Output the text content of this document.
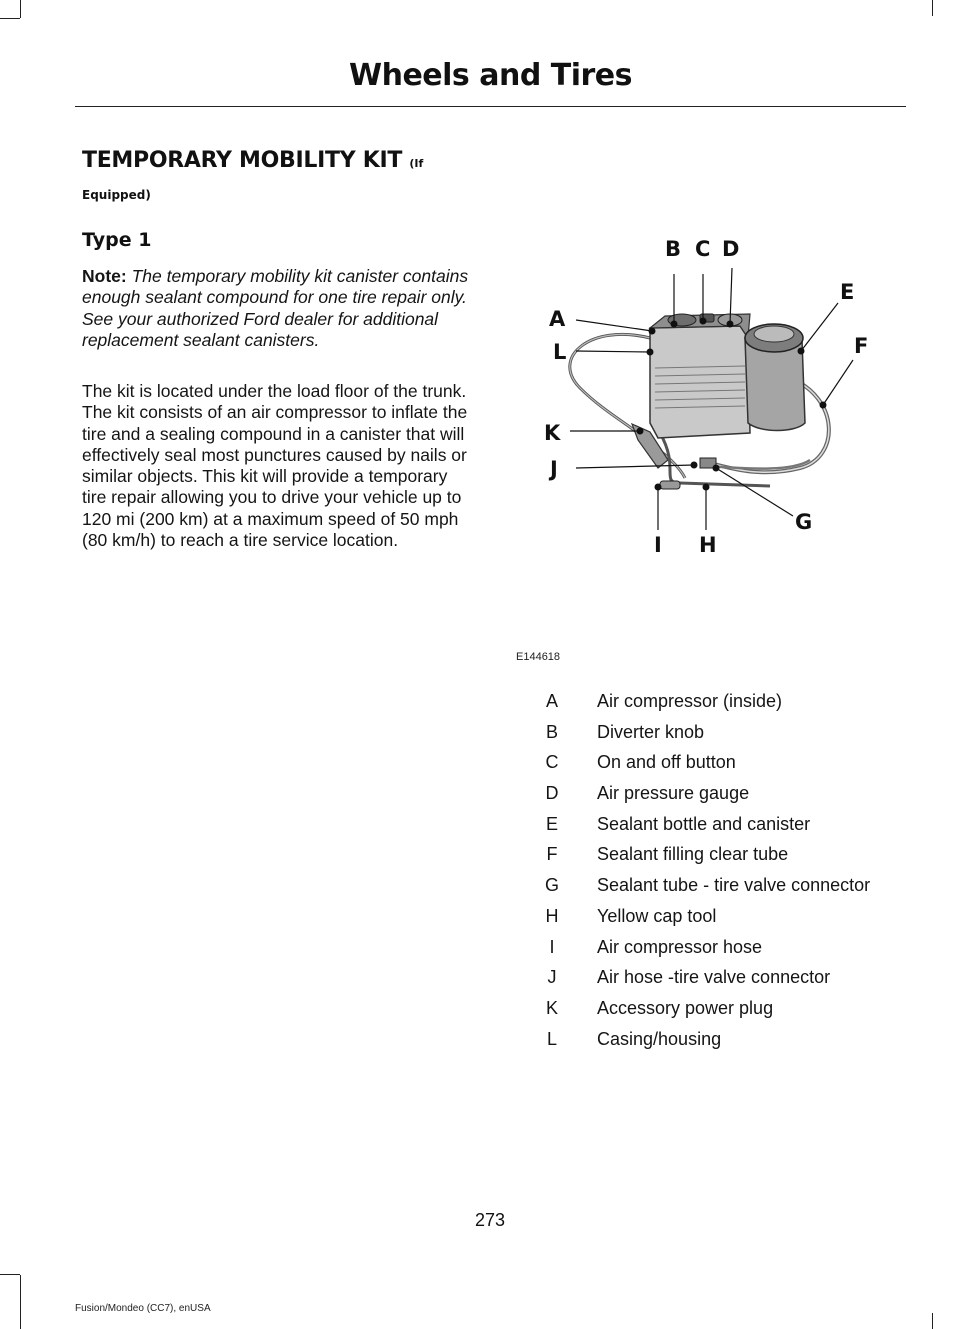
Wheels and Tires
TEMPORARY MOBILITY KIT (If
Equipped)
Type 1
Note: The temporary mobility kit canister contains enough sealant compound for one tire repair only. See your authorized Ford dealer for additional replacement sealant canisters.
The kit is located under the load floor of the trunk. The kit consists of an air compressor to inflate the tire and a sealing compound in a canister that will effectively seal most punctures caused by nails or similar objects. This kit will provide a temporary tire repair allowing you to drive your vehicle up to 120 mi (200 km) at a maximum speed of 50 mph (80 km/h) to reach a tire service location.
B C D
E
A
F
L
K
J
G
H
I
E144618
A	Air compressor (inside)
B	Diverter knob
C	On and off button
D	Air pressure gauge
E	Sealant bottle and canister
F	Sealant filling clear tube
G	Sealant tube - tire valve connector
H	Yellow cap tool
I	Air compressor hose
J	Air hose -tire valve connector
K	Accessory power plug
L	Casing/housing
273
Fusion/Mondeo (CC7), enUSA
